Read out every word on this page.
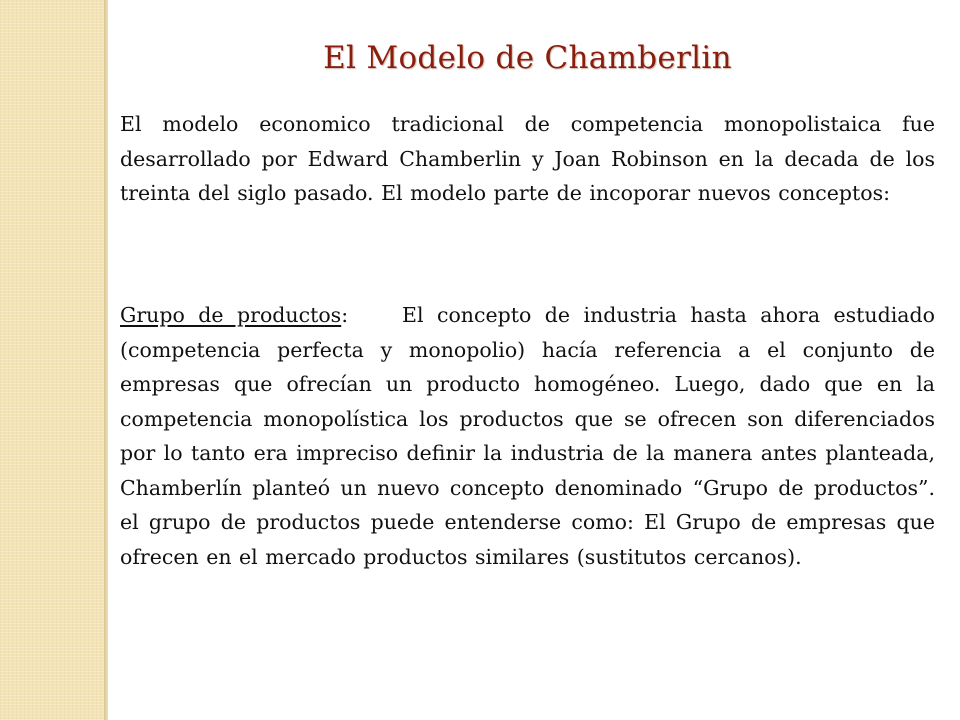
El Modelo de Chamberlin

El modelo economico tradicional de competencia monopolistaica fue desarrollado por Edward Chamberlin y Joan Robinson en la decada de los treinta del siglo pasado. El modelo parte de incoporar nuevos conceptos:

Grupo de productos:    El concepto de industria hasta ahora estudiado (competencia perfecta y monopolio) hacía referencia a el conjunto de empresas que ofrecían un producto homogéneo. Luego, dado que en la competencia monopolística los productos que se ofrecen son diferenciados por lo tanto era impreciso definir la industria de la manera antes planteada, Chamberlín planteó un nuevo concepto denominado “Grupo de productos”. el grupo de productos puede entenderse como: El Grupo de empresas que ofrecen en el mercado productos similares (sustitutos cercanos).
